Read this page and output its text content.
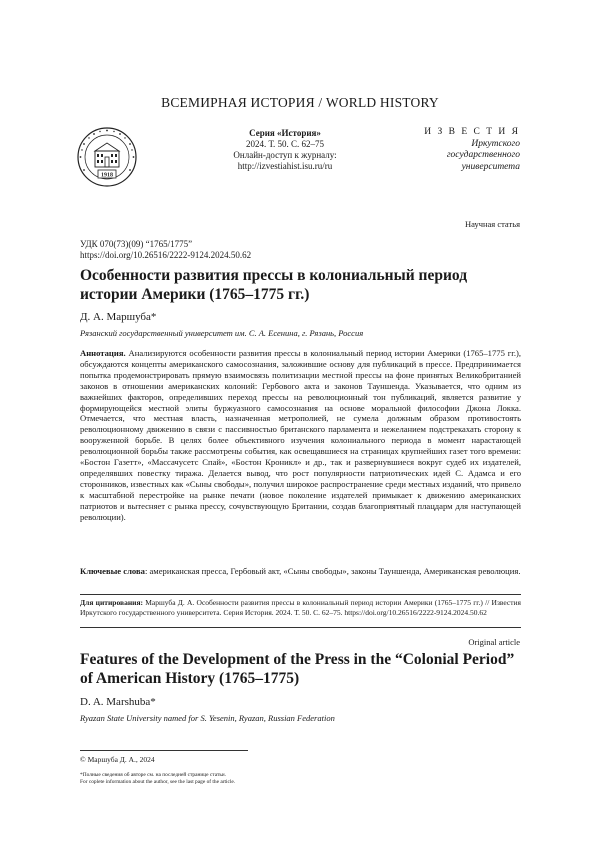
ВСЕМИРНАЯ ИСТОРИЯ / WORLD HISTORY
1918
Серия «История»
2024. Т. 50. С. 62–75
Онлайн-доступ к журналу:
http://izvestiahist.isu.ru/ru
И З В Е С Т И Я
Иркутского
государственного
университета
Научная статья
УДК 070(73)(09) “1765/1775”
https://doi.org/10.26516/2222-9124.2024.50.62
Особенности развития прессы в колониальный период истории Америки (1765–1775 гг.)
Д. А. Маршуба*
Рязанский государственный университет им. С. А. Есенина, г. Рязань, Россия
Аннотация. Анализируются особенности развития прессы в колониальный период истории Америки (1765–1775 гг.), обсуждаются концепты американского самосознания, заложившие основу для публикаций в прессе. Предпринимается попытка продемонстрировать прямую взаимосвязь политизации местной прессы на фоне принятых Великобританией законов в отношении американских колоний: Гербового акта и законов Тауншенда. Указывается, что одним из важнейших факторов, определивших переход прессы на революционный тон публикаций, является развитие у формирующейся местной элиты буржуазного самосознания на основе моральной философии Джона Локка. Отмечается, что местная власть, назначенная метрополией, не сумела должным образом противостоять революционному движению в связи с пассивностью британского парламента и нежеланием подстреках­ать сторону к вооруженной борьбе. В целях более объективного изучения колониального периода в момент нарастающей революционной борьбы также рассмотрены события, как освещавшиеся на страницах крупнейших газет того времени: «Бостон Газетт», «Массачусетс Спай», «Бостон Кроникл» и др., так и развернувшиеся вокруг судеб их издателей, определявших повестку тиража. Делается вывод, что рост популярности патриотических идей С. Адамса и его сторонников, известных как «Сыны свободы», получил широкое распространение среди местных изданий, что привело к масштабной перестройке на рынке печати (новое поколение издателей примыкает к движению американских патриотов и вытесняет с рынка прессу, сочувствующую Британии, создав благоприятный плацдарм для наступающей революции).
Ключевые слова: американская пресса, Гербовый акт, «Сыны свободы», законы Тауншенда, Американская революция.
Для цитирования: Маршуба Д. А. Особенности развития прессы в колониальный период истории Америки (1765–1775 гг.) // Известия Иркутского государственного университета. Серия История. 2024. Т. 50. С. 62–75. https://doi.org/10.26516/2222-9124.2024.50.62
Original article
Features of the Development of the Press in the “Colonial Period” of American History (1765–1775)
D. A. Marshuba*
Ryazan State University named for S. Yesenin, Ryazan, Russian Federation
© Маршуба Д. А., 2024
*Полные сведения об авторе см. на последней странице статьи.
For coplete information about the author, see the last page of the article.
